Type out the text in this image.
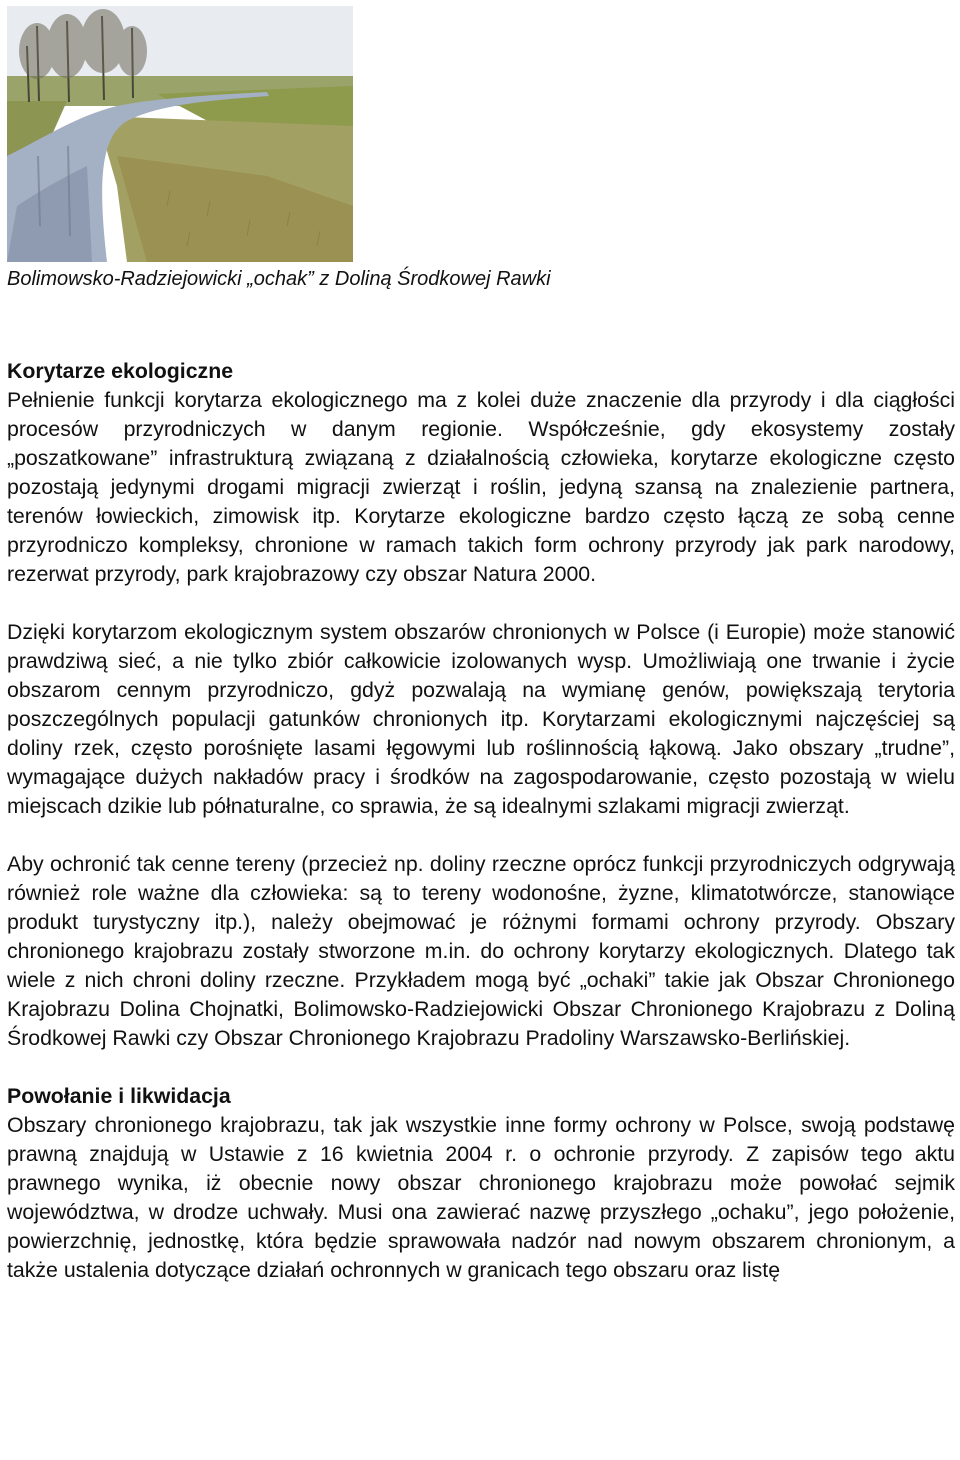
Bolimowsko-Radziejowicki „ochak” z Doliną Środkowej Rawki

Korytarze ekologiczne

Pełnienie funkcji korytarza ekologicznego ma z kolei duże znaczenie dla przyrody i dla ciągłości procesów przyrodniczych w danym regionie. Współcześnie, gdy ekosystemy zostały „poszatkowane” infrastrukturą związaną z działalnością człowieka, korytarze ekologiczne często pozostają jedynymi drogami migracji zwierząt i roślin, jedyną szansą na znalezienie partnera, terenów łowieckich, zimowisk itp. Korytarze ekologiczne bardzo często łączą ze sobą cenne przyrodniczo kompleksy, chronione w ramach takich form ochrony przyrody jak park narodowy, rezerwat przyrody, park krajobrazowy czy obszar Natura 2000.

Dzięki korytarzom ekologicznym system obszarów chronionych w Polsce (i Europie) może stanowić prawdziwą sieć, a nie tylko zbiór całkowicie izolowanych wysp. Umożliwiają one trwanie i życie obszarom cennym przyrodniczo, gdyż pozwalają na wymianę genów, powiększają terytoria poszczególnych populacji gatunków chronionych itp. Korytarzami ekologicznymi najczęściej są doliny rzek, często porośnięte lasami łęgowymi lub roślinnością łąkową. Jako obszary „trudne”, wymagające dużych nakładów pracy i środków na zagospodarowanie, często pozostają w wielu miejscach dzikie lub półnaturalne, co sprawia, że są idealnymi szlakami migracji zwierząt.

Aby ochronić tak cenne tereny (przecież np. doliny rzeczne oprócz funkcji przyrodniczych odgrywają również role ważne dla człowieka: są to tereny wodonośne, żyzne, klimatotwórcze, stanowiące produkt turystyczny itp.), należy obejmować je różnymi formami ochrony przyrody. Obszary chronionego krajobrazu zostały stworzone m.in. do ochrony korytarzy ekologicznych. Dlatego tak wiele z nich chroni doliny rzeczne. Przykładem mogą być „ochaki” takie jak Obszar Chronionego Krajobrazu Dolina Chojnatki, Bolimowsko-Radziejowicki Obszar Chronionego Krajobrazu z Doliną Środkowej Rawki czy Obszar Chronionego Krajobrazu Pradoliny Warszawsko-Berlińskiej.

Powołanie i likwidacja

Obszary chronionego krajobrazu, tak jak wszystkie inne formy ochrony w Polsce, swoją podstawę prawną znajdują w Ustawie z 16 kwietnia 2004 r. o ochronie przyrody. Z zapisów tego aktu prawnego wynika, iż obecnie nowy obszar chronionego krajobrazu może powołać sejmik województwa, w drodze uchwały. Musi ona zawierać nazwę przyszłego „ochaku”, jego położenie, powierzchnię, jednostkę, która będzie sprawowała nadzór nad nowym obszarem chronionym, a także ustalenia dotyczące działań ochronnych w granicach tego obszaru oraz listę
